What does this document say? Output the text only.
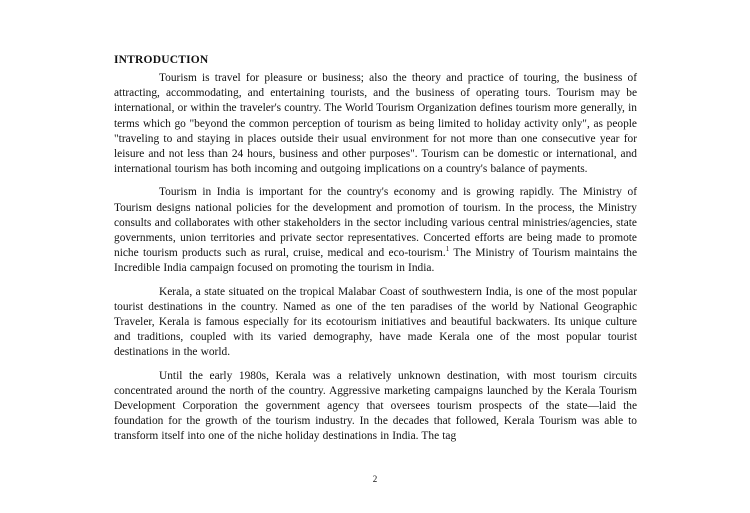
INTRODUCTION

Tourism is travel for pleasure or business; also the theory and practice of touring, the business of attracting, accommodating, and entertaining tourists, and the business of operating tours. Tourism may be international, or within the traveler's country. The World Tourism Organization defines tourism more generally, in terms which go "beyond the common perception of tourism as being limited to holiday activity only", as people "traveling to and staying in places outside their usual environment for not more than one consecutive year for leisure and not less than 24 hours, business and other purposes". Tourism can be domestic or international, and international tourism has both incoming and outgoing implications on a country's balance of payments.

Tourism in India is important for the country's economy and is growing rapidly. The Ministry of Tourism designs national policies for the development and promotion of tourism. In the process, the Ministry consults and collaborates with other stakeholders in the sector including various central ministries/agencies, state governments, union territories and private sector representatives. Concerted efforts are being made to promote niche tourism products such as rural, cruise, medical and eco-tourism.$^1$ The Ministry of Tourism maintains the Incredible India campaign focused on promoting the tourism in India.

Kerala, a state situated on the tropical Malabar Coast of southwestern India, is one of the most popular tourist destinations in the country. Named as one of the ten paradises of the world by National Geographic Traveler, Kerala is famous especially for its ecotourism initiatives and beautiful backwaters. Its unique culture and traditions, coupled with its varied demography, have made Kerala one of the most popular tourist destinations in the world.

Until the early 1980s, Kerala was a relatively unknown destination, with most tourism circuits concentrated around the north of the country. Aggressive marketing campaigns launched by the Kerala Tourism Development Corporation the government agency that oversees tourism prospects of the state—laid the foundation for the growth of the tourism industry. In the decades that followed, Kerala Tourism was able to transform itself into one of the niche holiday destinations in India. The tag

2
